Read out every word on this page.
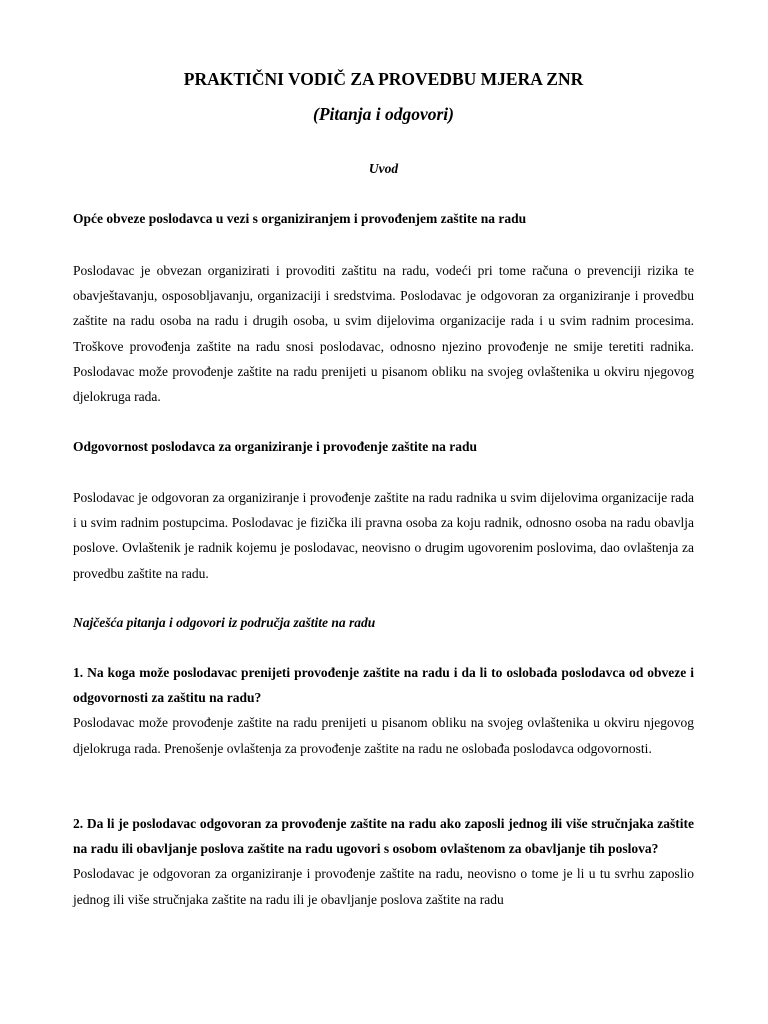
PRAKTIČNI VODIČ ZA PROVEDBU MJERA ZNR
(Pitanja i odgovori)
Uvod
Opće obveze poslodavca u vezi s organiziranjem i provođenjem zaštite na radu
Poslodavac je obvezan organizirati i provoditi zaštitu na radu, vodeći pri tome računa o prevenciji rizika te obavještavanju, osposobljavanju, organizaciji i sredstvima. Poslodavac je odgovoran za organiziranje i provedbu zaštite na radu osoba na radu i drugih osoba, u svim dijelovima organizacije rada i u svim radnim procesima. Troškove provođenja zaštite na radu snosi poslodavac, odnosno njezino provođenje ne smije teretiti radnika. Poslodavac može provođenje zaštite na radu prenijeti u pisanom obliku na svojeg ovlaštenika u okviru njegovog djelokruga rada.
Odgovornost poslodavca za organiziranje i provođenje zaštite na radu
Poslodavac je odgovoran za organiziranje i provođenje zaštite na radu radnika u svim dijelovima organizacije rada i u svim radnim postupcima. Poslodavac je fizička ili pravna osoba za koju radnik, odnosno osoba na radu obavlja poslove. Ovlaštenik je radnik kojemu je poslodavac, neovisno o drugim ugovorenim poslovima, dao ovlaštenja za provedbu zaštite na radu.
Najčešća pitanja i odgovori iz područja zaštite na radu
1. Na koga može poslodavac prenijeti provođenje zaštite na radu i da li to oslobađa poslodavca od obveze i odgovornosti za zaštitu na radu?
Poslodavac može provođenje zaštite na radu prenijeti u pisanom obliku na svojeg ovlaštenika u okviru njegovog djelokruga rada. Prenošenje ovlaštenja za provođenje zaštite na radu ne oslobađa poslodavca odgovornosti.
2. Da li je poslodavac odgovoran za provođenje zaštite na radu ako zaposli jednog ili više stručnjaka zaštite na radu ili obavljanje poslova zaštite na radu ugovori s osobom ovlaštenom za obavljanje tih poslova?
Poslodavac je odgovoran za organiziranje i provođenje zaštite na radu, neovisno o tome je li u tu svrhu zaposlio jednog ili više stručnjaka zaštite na radu ili je obavljanje poslova zaštite na radu
